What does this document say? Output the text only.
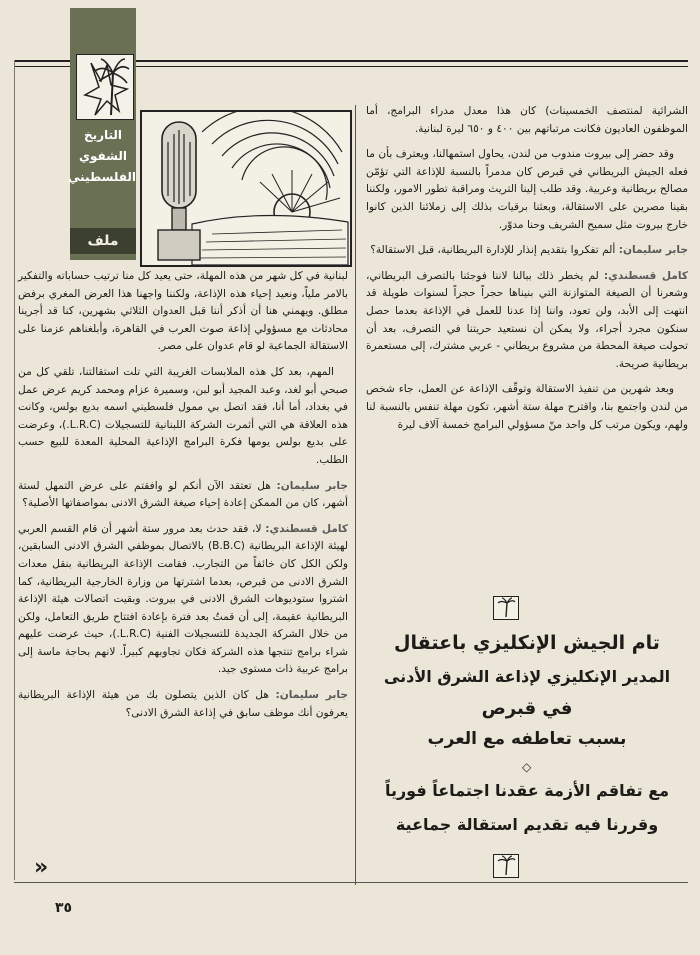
التاريخ
الشفوي
الفلسطيني
ملف

الشرائية لمنتصف الخمسينات) كان هذا معدل مدراء البرامج، أما الموظفون العاديون فكانت مرتباتهم بين ٤٠٠ و ٦٥٠ ليرة لبنانية.

وقد حضر إلى بيروت مندوب من لندن، يحاول استمهالنا، ويعترف بأن ما فعله الجيش البريطاني في قبرص كان مدمراً بالنسبة للإذاعة التي تؤمّن مصالح بريطانية وعربية. وقد طلب إلينا التريث ومراقبة تطور الامور، ولكننا بقينا مصرين على الاستقالة، وبعثنا برقيات بذلك إلى زملائنا الذين كانوا خارج بيروت مثل سميح الشريف وحنا مدوّر.

جابر سليمان: ألم تفكروا بتقديم إنذار للإدارة البريطانية، قبل الاستقالة؟

كامل قسطندي: لم يخطر ذلك ببالنا لاننا فوجئنا بالتصرف البريطاني، وشعرنا أن الصيغة المتوازنة التي بنيناها حجراً حجراً لسنوات طويلة قد انتهت إلى الأبد، ولن تعود، واننا إذا عدنا للعمل في الإذاعة بعدما حصل سنكون مجرد أجراء، ولا يمكن أن نستعيد حريتنا في التصرف، بعد أن تحولت صيغة المحطة من مشروع بريطاني - عربي مشترك، إلى مستعمرة بريطانية صريحة.

وبعد شهرين من تنفيذ الاستقالة وتوقّف الإذاعة عن العمل، جاء شخص من لندن واجتمع بنا، واقترح مهلة ستة أشهر، تكون مهلة تنفس بالنسبة لنا ولهم، ويكون مرتب كل واحد منّ مسؤولي البرامج خمسة آلاف ليرة

لبنانية في كل شهر من هذه المهلة، حتى يعيد كل منا ترتيب حساباته والتفكير بالامر ملياً، ونعيد إحياء هذه الإذاعة، ولكننا واجهنا هذا العرض المغري برفض مطلق. ويهمني هنا أن أذكر أننا قبل العدوان الثلاثي بشهرين، كنا قد أجرينا محادثات مع مسؤولي إذاعة صوت العرب في القاهرة، وأبلغناهم عزمنا على الاستقالة الجماعية لو قام عدوان على مصر.

المهم، بعد كل هذه الملابسات الغريبة التي تلت استقالتنا، تلقي كل من صبحي أبو لغد، وعبد المجيد أبو لبن، وسميرة عزام ومحمد كريم عرض عمل في بغداد، أما أنا، فقد اتصل بي ممول فلسطيني اسمه بديع بولس، وكانت هذه العلاقة هي التي أثمرت الشركة اللبنانية للتسجيلات (L.R.C.)، وعرضت على بديع بولس يومها فكرة البرامج الإذاعية المحلية المعدة للبيع حسب الطلب.

جابر سليمان: هل تعتقد الآن أنكم لو وافقتم على عرض التمهل لستة أشهر، كان من الممكن إعادة إحياء صيغة الشرق الادنى بمواصفاتها الأصلية؟

كامل قسطندي: لا، فقد حدث بعد مرور ستة أشهر أن قام القسم العربي لهيئة الإذاعة البريطانية (B.B.C) بالاتصال بموظفي الشرق الادنى السابقين، ولكن الكل كان خائفاً من التجارب. فقامت الإذاعة البريطانية بنقل معدات الشرق الادنى من قبرص، بعدما اشترتها من وزارة الخارجية البريطانية، كما اشتروا ستوديوهات الشرق الادنى في بيروت. وبقيت اتصالات هيئة الإذاعة البريطانية عقيمة، إلى أن قمتُ بعد فترة بإعادة افتتاح طريق التعامل، ولكن من خلال الشركة الجديدة للتسجيلات الفنية (L.R.C.)، حيث عرضت عليهم شراء برامج تنتجها هذه الشركة فكان تجاوبهم كبيراً. لانهم بحاجة ماسة إلى برامج عربية ذات مستوى جيد.

جابر سليمان: هل كان الذين يتصلون بك من هيئة الإذاعة البريطانية يعرفون أنك موظف سابق في إذاعة الشرق الادنى؟

تام الجيش الإنكليزي باعتقال
المدير الإنكليزي لإذاعة الشرق الأدنى
في قبرص
بسبب تعاطفه مع العرب
◇
مع تفاقم الأزمة عقدنا اجتماعاً فورياً
وقررنا فيه تقديم استقالة جماعية
«
٣٥
